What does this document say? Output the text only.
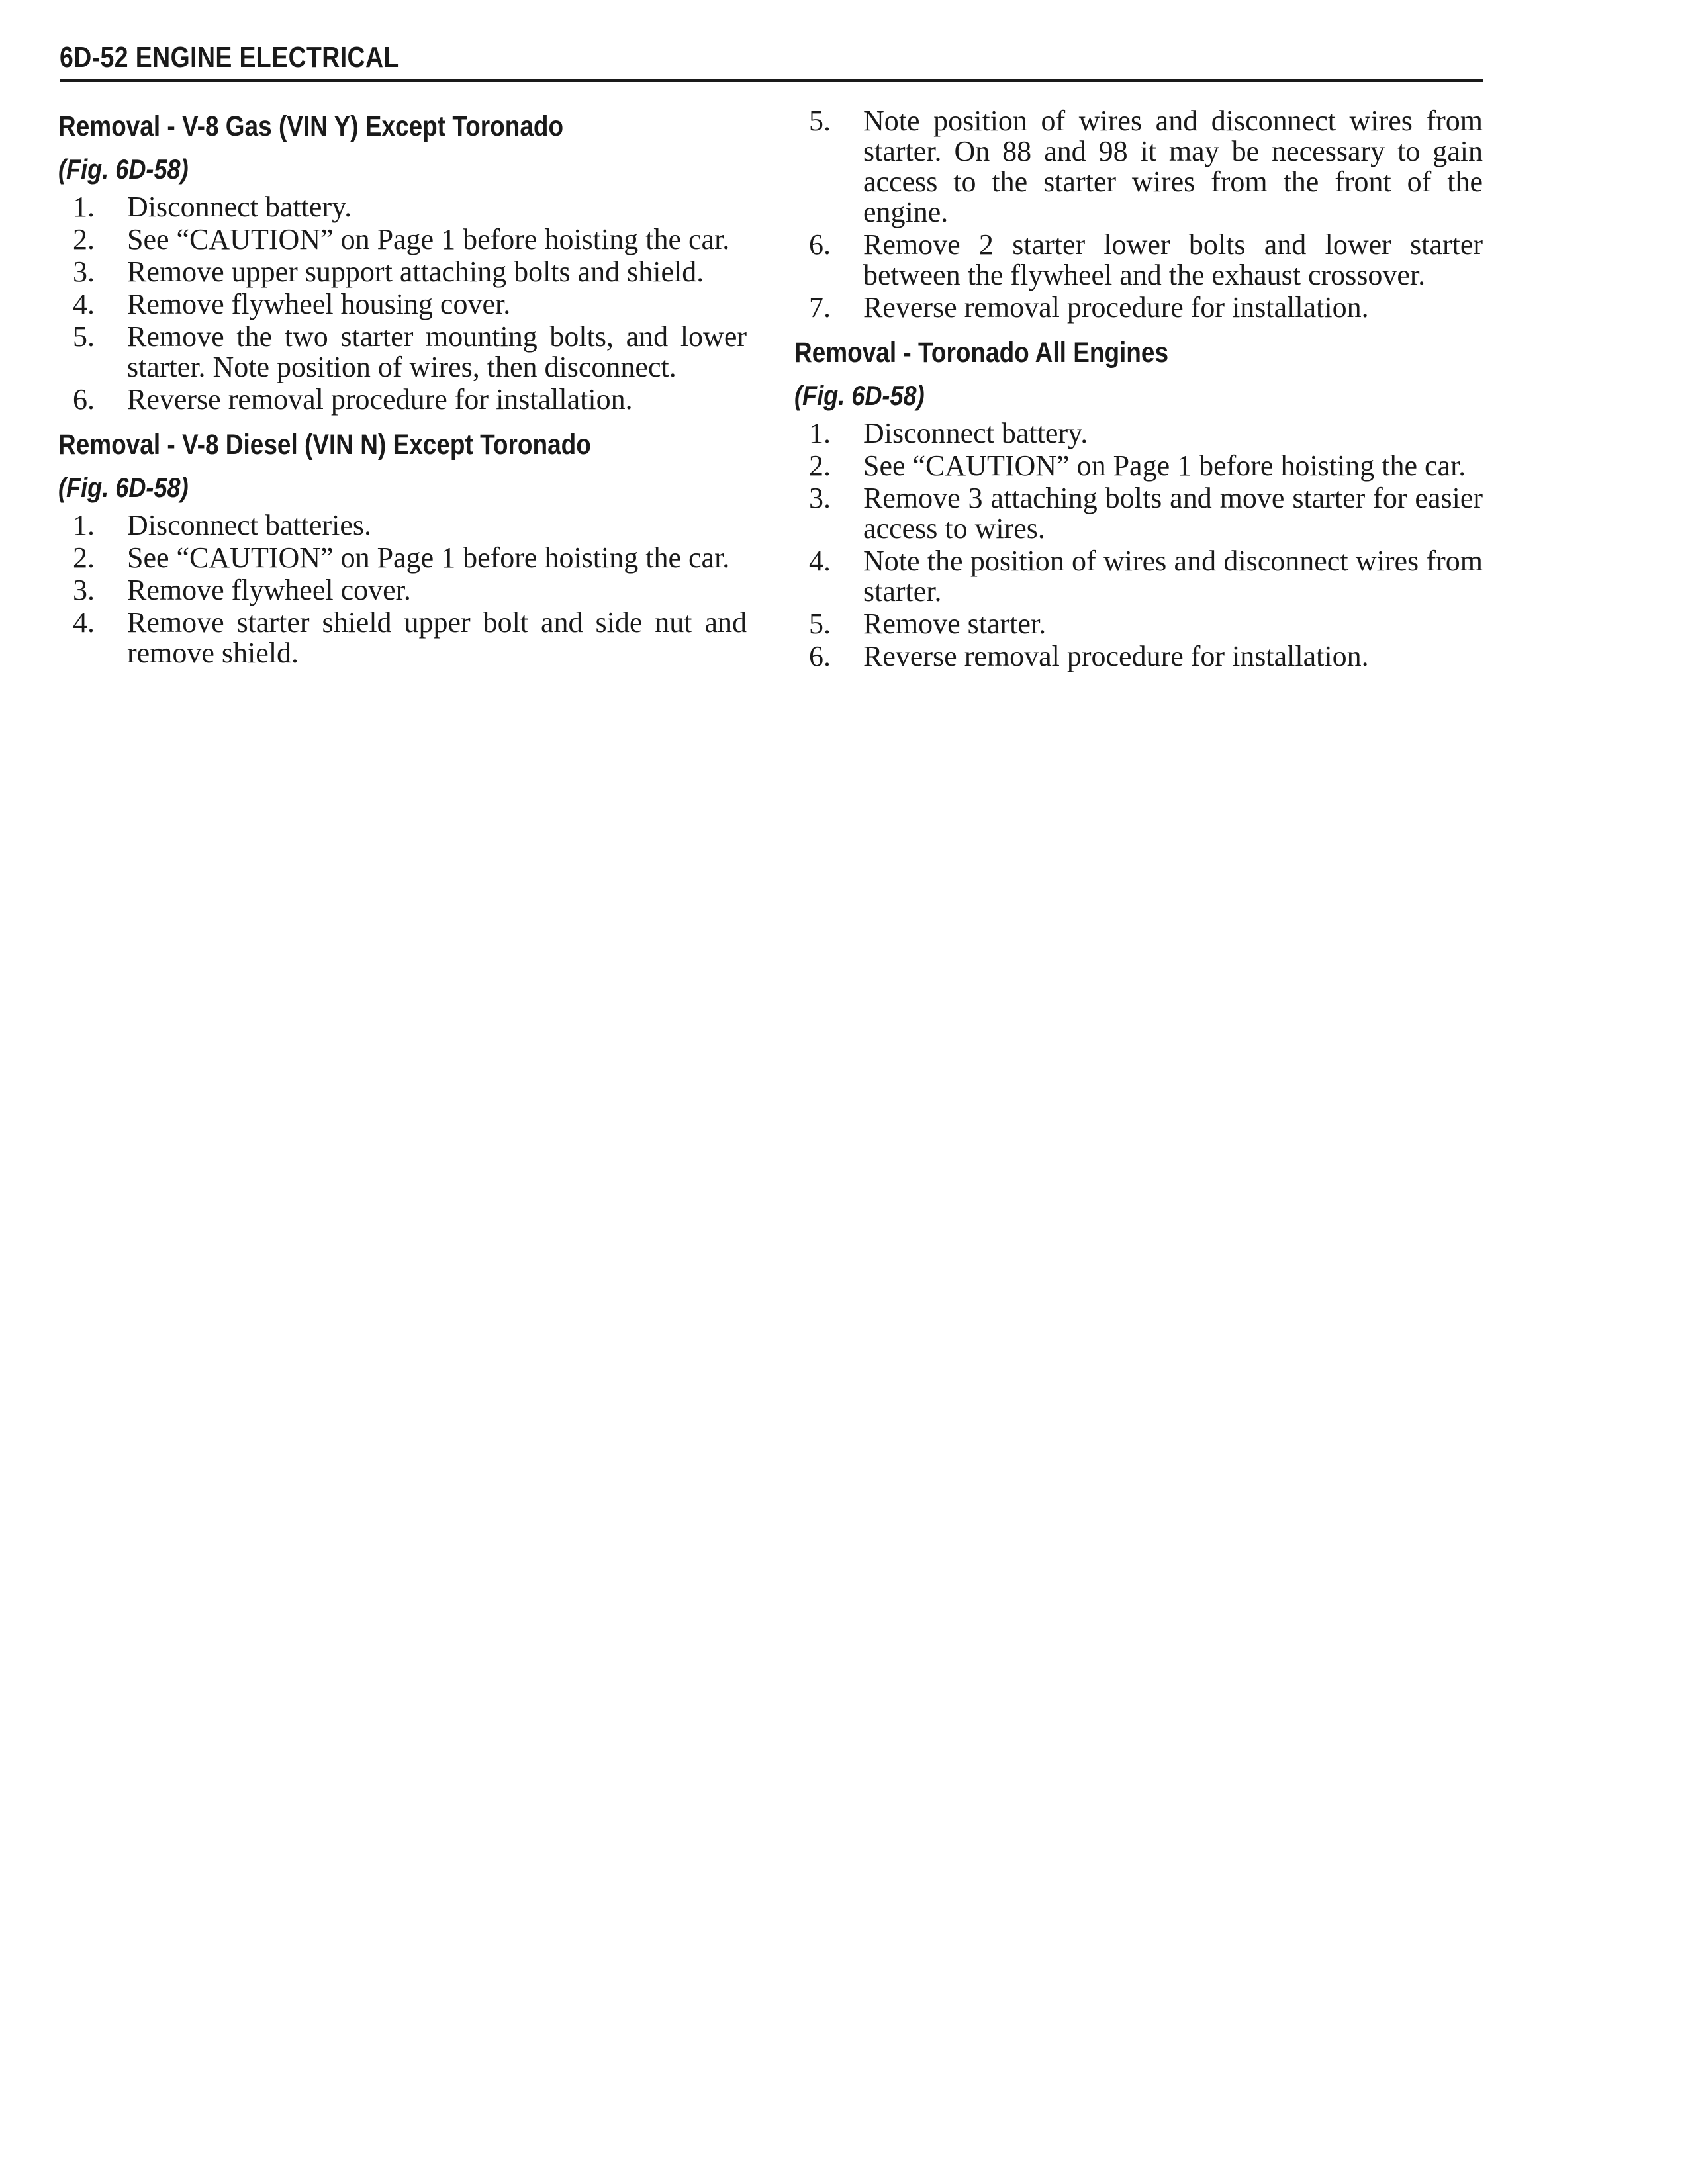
6D-52 ENGINE ELECTRICAL
Removal - V-8 Gas (VIN Y) Except Toronado
(Fig. 6D-58)
1.	Disconnect battery.
2.	See “CAUTION” on Page 1 before hoisting the car.
3.	Remove upper support attaching bolts and shield.
4.	Remove flywheel housing cover.
5.	Remove the two starter mounting bolts, and lower starter. Note position of wires, then disconnect.
6.	Reverse removal procedure for installation.
Removal - V-8 Diesel (VIN N) Except Toronado
(Fig. 6D-58)
1.	Disconnect batteries.
2.	See “CAUTION” on Page 1 before hoisting the car.
3.	Remove flywheel cover.
4.	Remove starter shield upper bolt and side nut and remove shield.
5.	Note position of wires and disconnect wires from starter. On 88 and 98 it may be necessary to gain access to the starter wires from the front of the engine.
6.	Remove 2 starter lower bolts and lower starter between the flywheel and the exhaust crossover.
7.	Reverse removal procedure for installation.
Removal - Toronado All Engines
(Fig. 6D-58)
1.	Disconnect battery.
2.	See “CAUTION” on Page 1 before hoisting the car.
3.	Remove 3 attaching bolts and move starter for easier access to wires.
4.	Note the position of wires and disconnect wires from starter.
5.	Remove starter.
6.	Reverse removal procedure for installation.
